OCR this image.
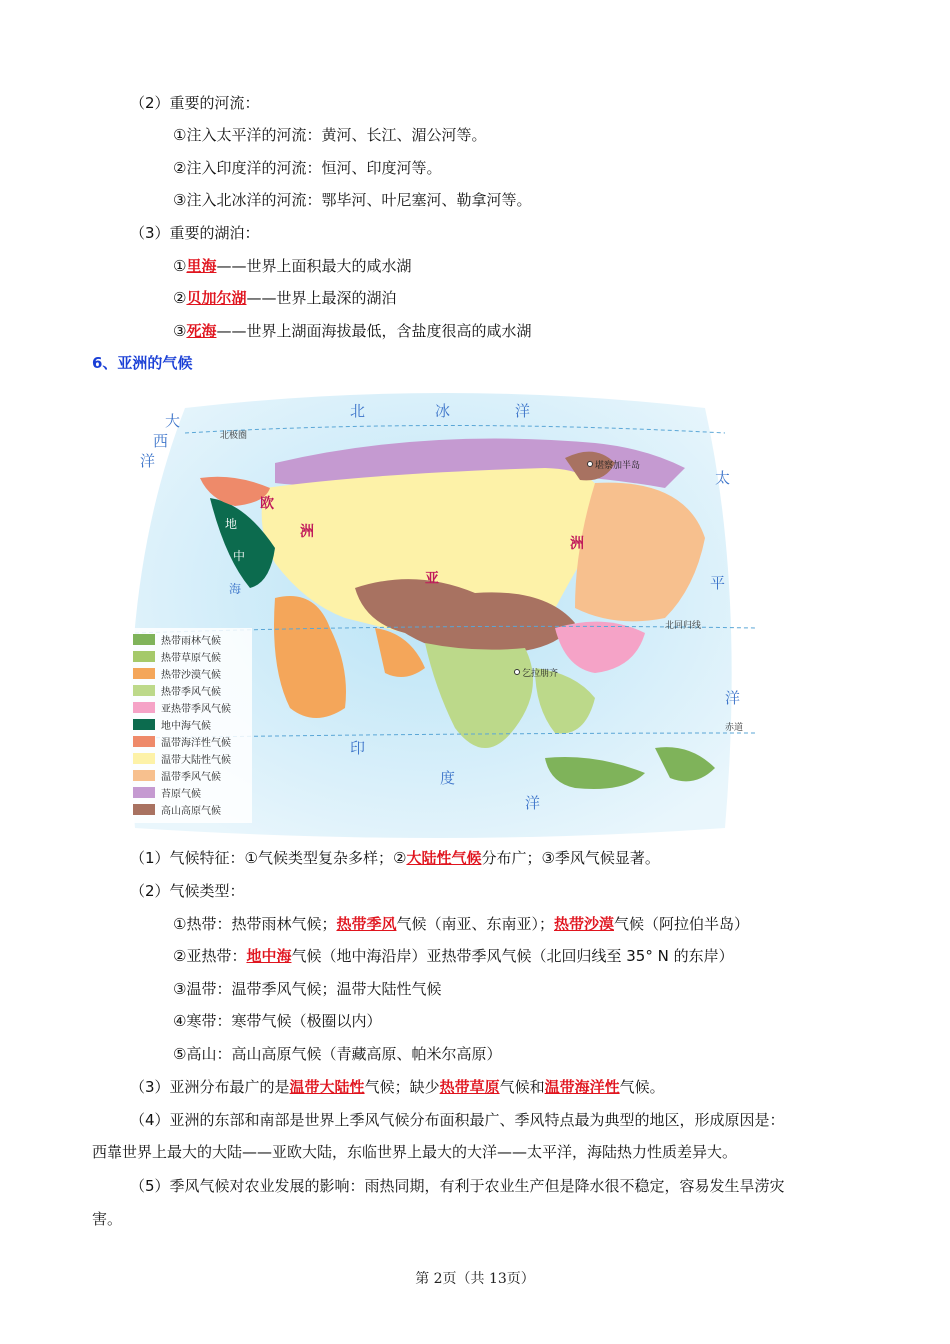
（2）重要的河流：
①注入太平洋的河流：黄河、长江、湄公河等。
②注入印度洋的河流：恒河、印度河等。
③注入北冰洋的河流：鄂毕河、叶尼塞河、勒拿河等。
（3）重要的湖泊：
①里海——世界上面积最大的咸水湖
②贝加尔湖——世界上最深的湖泊
③死海——世界上湖面海拔最低，含盐度很高的咸水湖
6、亚洲的气候
北	冰	洋
大
西
洋
太
平
洋
印
度
洋
欧
洲
亚
洲
北极圈
北回归线
赤道
堪察加半岛
乞拉朋齐
地
中
海
热带雨林气候
热带草原气候
热带沙漠气候
热带季风气候
亚热带季风气候
地中海气候
温带海洋性气候
温带大陆性气候
温带季风气候
苔原气候
高山高原气候
（1）气候特征：①气候类型复杂多样；②大陆性气候分布广；③季风气候显著。
（2）气候类型：
①热带：热带雨林气候；热带季风气候（南亚、东南亚）；热带沙漠气候（阿拉伯半岛）
②亚热带：地中海气候（地中海沿岸）亚热带季风气候（北回归线至 35° N 的东岸）
③温带：温带季风气候；温带大陆性气候
④寒带：寒带气候（极圈以内）
⑤高山：高山高原气候（青藏高原、帕米尔高原）
（3）亚洲分布最广的是温带大陆性气候；缺少热带草原气候和温带海洋性气候。
（4）亚洲的东部和南部是世界上季风气候分布面积最广、季风特点最为典型的地区，形成原因是：
西靠世界上最大的大陆——亚欧大陆，东临世界上最大的大洋——太平洋，海陆热力性质差异大。
（5）季风气候对农业发展的影响：雨热同期，有利于农业生产但是降水很不稳定，容易发生旱涝灾
害。
第 2页（共 13页）
